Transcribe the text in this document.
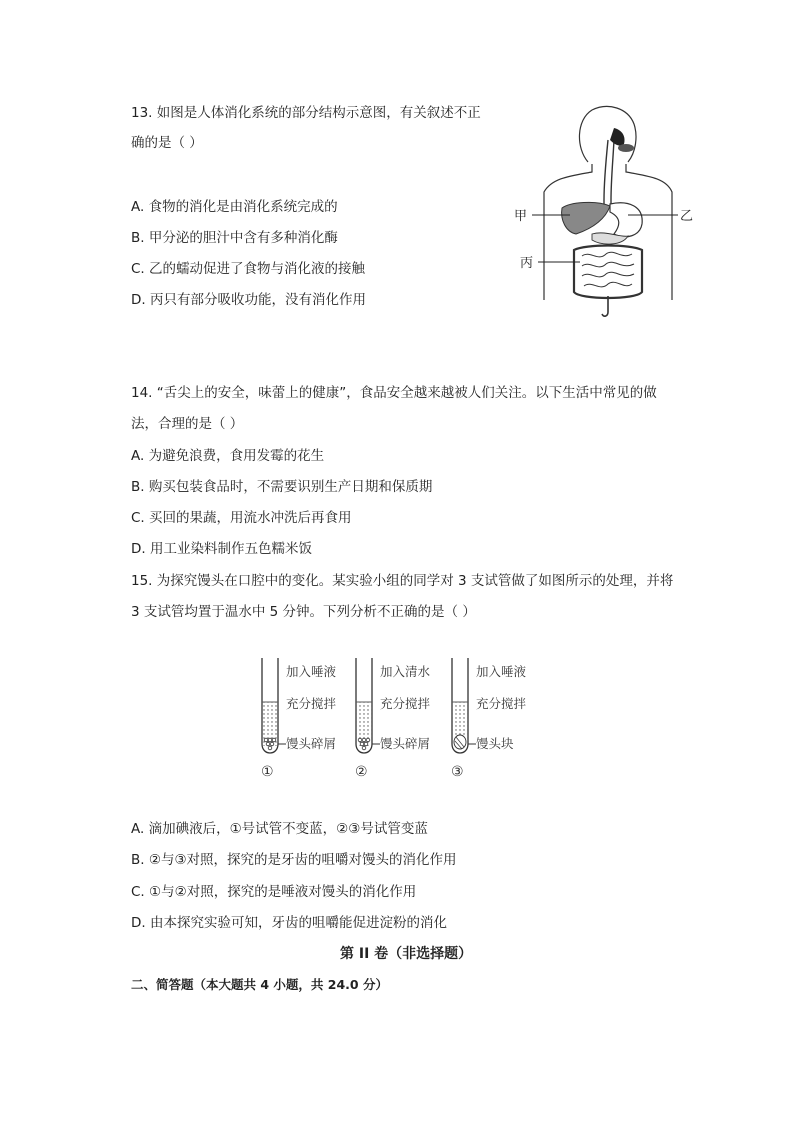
13. 如图是人体消化系统的部分结构示意图，有关叙述不正
确的是（ ）
A. 食物的消化是由消化系统完成的
B. 甲分泌的胆汁中含有多种消化酶
C. 乙的蠕动促进了食物与消化液的接触
D. 丙只有部分吸收功能，没有消化作用
甲	乙
丙
14. “舌尖上的安全，味蕾上的健康”，食品安全越来越被人们关注。以下生活中常见的做
法，合理的是（ ）
A. 为避免浪费，食用发霉的花生
B. 购买包装食品时，不需要识别生产日期和保质期
C. 买回的果蔬，用流水冲洗后再食用
D. 用工业染料制作五色糯米饭
15. 为探究馒头在口腔中的变化。某实验小组的同学对 3 支试管做了如图所示的处理，并将
3 支试管均置于温水中 5 分钟。下列分析不正确的是（ ）
加入唾液
充分搅拌
馒头碎屑
①
加入清水
充分搅拌
馒头碎屑
②
加入唾液
充分搅拌
馒头块
③
A. 滴加碘液后，①号试管不变蓝，②③号试管变蓝
B. ②与③对照，探究的是牙齿的咀嚼对馒头的消化作用
C. ①与②对照，探究的是唾液对馒头的消化作用
D. 由本探究实验可知，牙齿的咀嚼能促进淀粉的消化
第 II 卷（非选择题）
二、简答题（本大题共 4 小题，共 24.0 分）
